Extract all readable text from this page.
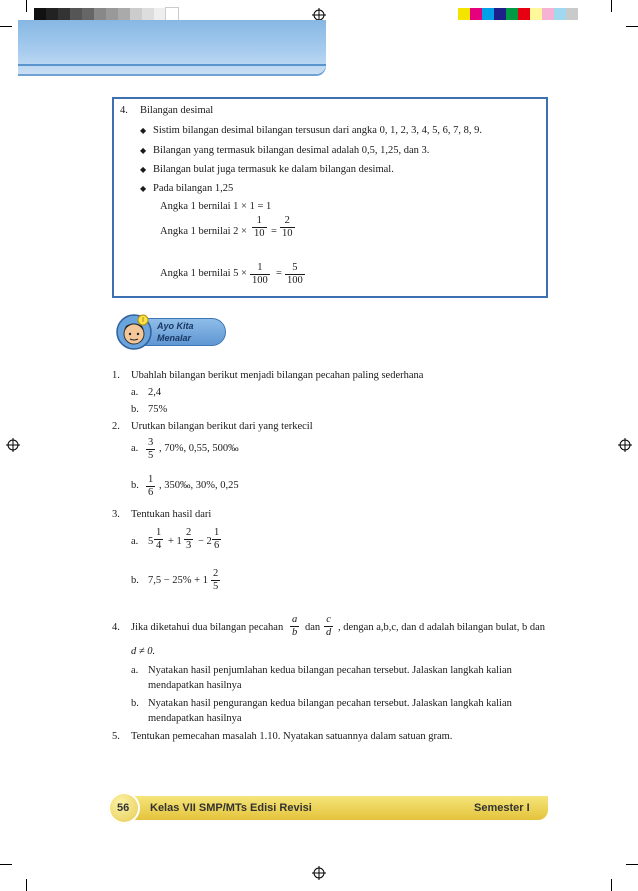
4. Bilangan desimal
◆ Sistim bilangan desimal bilangan tersusun dari angka 0, 1, 2, 3, 4, 5, 6, 7, 8, 9.
◆ Bilangan yang termasuk bilangan desimal adalah 0,5, 1,25, dan 3.
◆ Bilangan bulat juga termasuk ke dalam bilangan desimal.
◆ Pada bilangan 1,25
Angka 1 bernilai 1 × 1 = 1
Angka 1 bernilai $2 \times \frac{1}{10} = \frac{2}{10}$
Angka 1 bernilai $5 \times \frac{1}{100} = \frac{5}{100}$
Ayo Kita
Menalar
1. Ubahlah bilangan berikut menjadi bilangan pecahan paling sederhana
a. 2,4
b. 75%
2. Urutkan bilangan berikut dari yang terkecil
a. $\frac{3}{5}$ , 70%, 0,55, 500‰
b. $\frac{1}{6}$ , 350‰, 30%, 0,25
3. Tentukan hasil dari
a. $5 \frac{1}{4} + 1 \frac{2}{3} - 2 \frac{1}{6}$
b. $7,5 - 25\% + 1 \frac{2}{5}$
4. Jika diketahui dua bilangan pecahan $\frac{a}{b}$ dan $\frac{c}{d}$ , dengan a,b,c, dan d adalah bilangan bulat, b dan
d ≠ 0.
a. Nyatakan hasil penjumlahan kedua bilangan pecahan tersebut. Jalaskan langkah kalian
mendapatkan hasilnya
b. Nyatakan hasil pengurangan kedua bilangan pecahan tersebut. Jalaskan langkah kalian
mendapatkan hasilnya
5. Tentukan pemecahan masalah 1.10. Nyatakan satuannya dalam satuan gram.
56 Kelas VII SMP/MTs Edisi Revisi	Semester I
